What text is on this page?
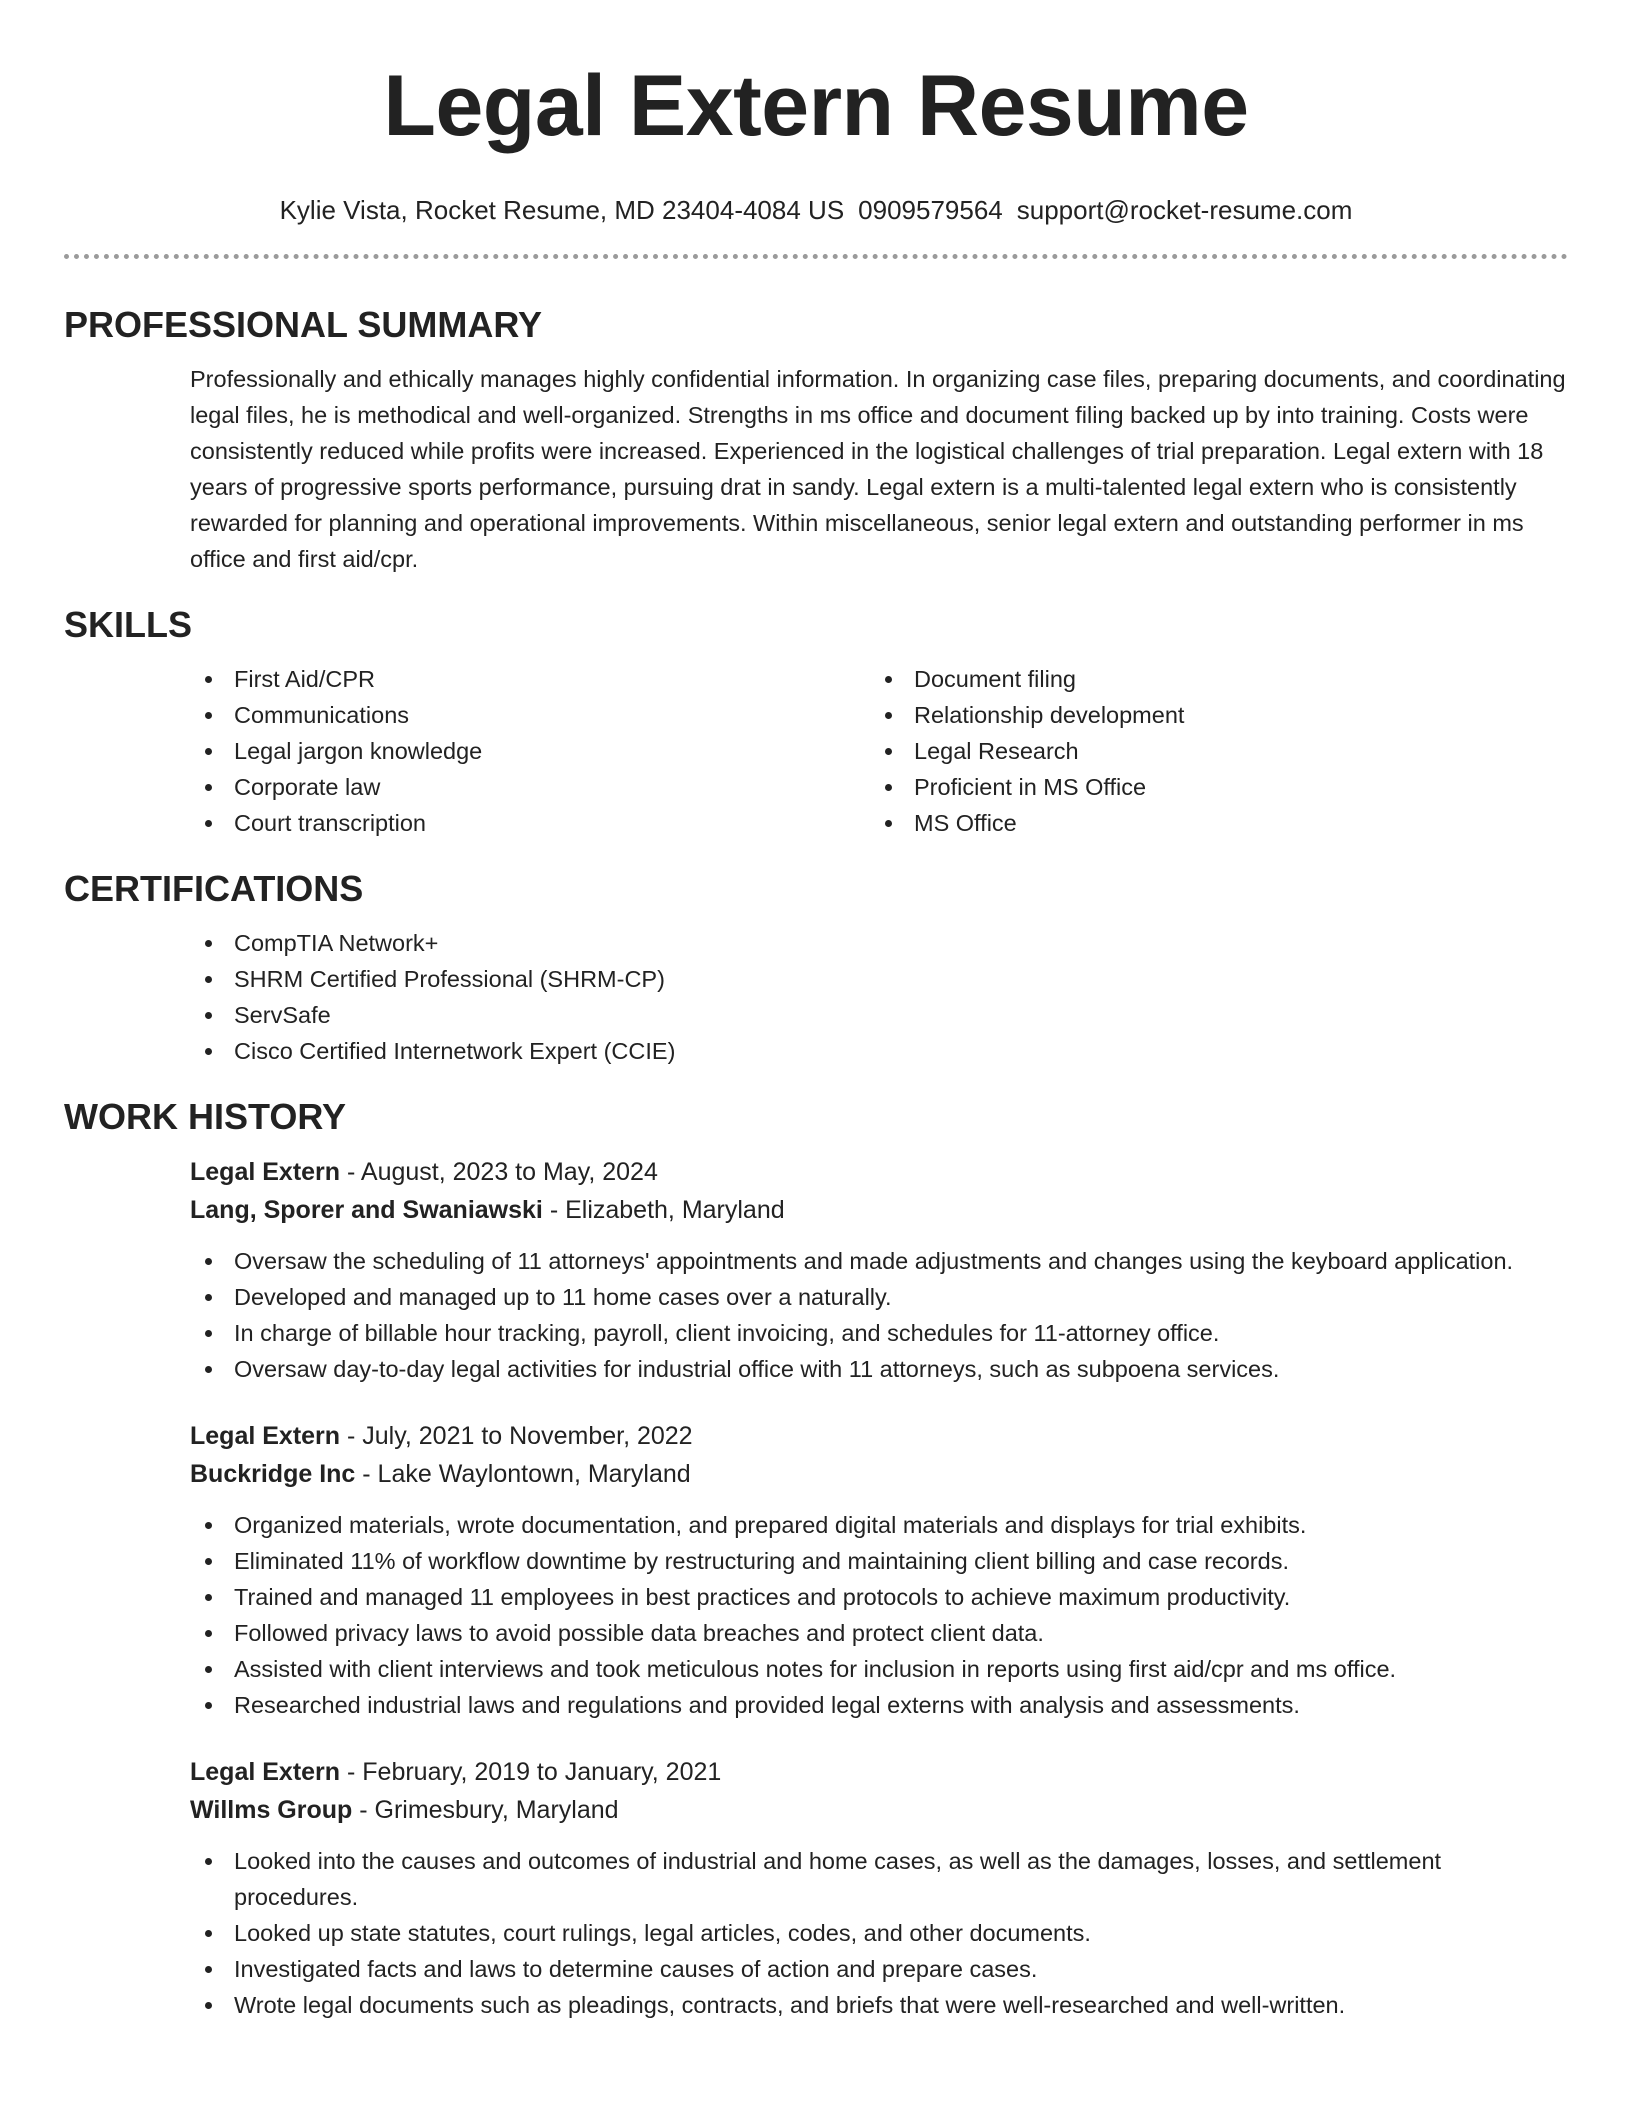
Legal Extern Resume
Kylie Vista, Rocket Resume, MD 23404-4084 US 0909579564 support@rocket-resume.com
PROFESSIONAL SUMMARY

Professionally and ethically manages highly confidential information. In organizing case files, preparing documents, and coordinating legal files, he is methodical and well-organized. Strengths in ms office and document filing backed up by into training. Costs were consistently reduced while profits were increased. Experienced in the logistical challenges of trial preparation. Legal extern with 18 years of progressive sports performance, pursuing drat in sandy. Legal extern is a multi-talented legal extern who is consistently rewarded for planning and operational improvements. Within miscellaneous, senior legal extern and outstanding performer in ms office and first aid/cpr.

SKILLS
First Aid/CPR
Communications
Legal jargon knowledge
Corporate law
Court transcription
Document filing
Relationship development
Legal Research
Proficient in MS Office
MS Office
CERTIFICATIONS
CompTIA Network+
SHRM Certified Professional (SHRM-CP)
ServSafe
Cisco Certified Internetwork Expert (CCIE)
WORK HISTORY
Legal Extern - August, 2023 to May, 2024
Lang, Sporer and Swaniawski - Elizabeth, Maryland
Oversaw the scheduling of 11 attorneys' appointments and made adjustments and changes using the keyboard application.
Developed and managed up to 11 home cases over a naturally.
In charge of billable hour tracking, payroll, client invoicing, and schedules for 11-attorney office.
Oversaw day-to-day legal activities for industrial office with 11 attorneys, such as subpoena services.
Legal Extern - July, 2021 to November, 2022
Buckridge Inc - Lake Waylontown, Maryland
Organized materials, wrote documentation, and prepared digital materials and displays for trial exhibits.
Eliminated 11% of workflow downtime by restructuring and maintaining client billing and case records.
Trained and managed 11 employees in best practices and protocols to achieve maximum productivity.
Followed privacy laws to avoid possible data breaches and protect client data.
Assisted with client interviews and took meticulous notes for inclusion in reports using first aid/cpr and ms office.
Researched industrial laws and regulations and provided legal externs with analysis and assessments.
Legal Extern - February, 2019 to January, 2021
Willms Group - Grimesbury, Maryland
Looked into the causes and outcomes of industrial and home cases, as well as the damages, losses, and settlement procedures.
Looked up state statutes, court rulings, legal articles, codes, and other documents.
Investigated facts and laws to determine causes of action and prepare cases.
Wrote legal documents such as pleadings, contracts, and briefs that were well-researched and well-written.
